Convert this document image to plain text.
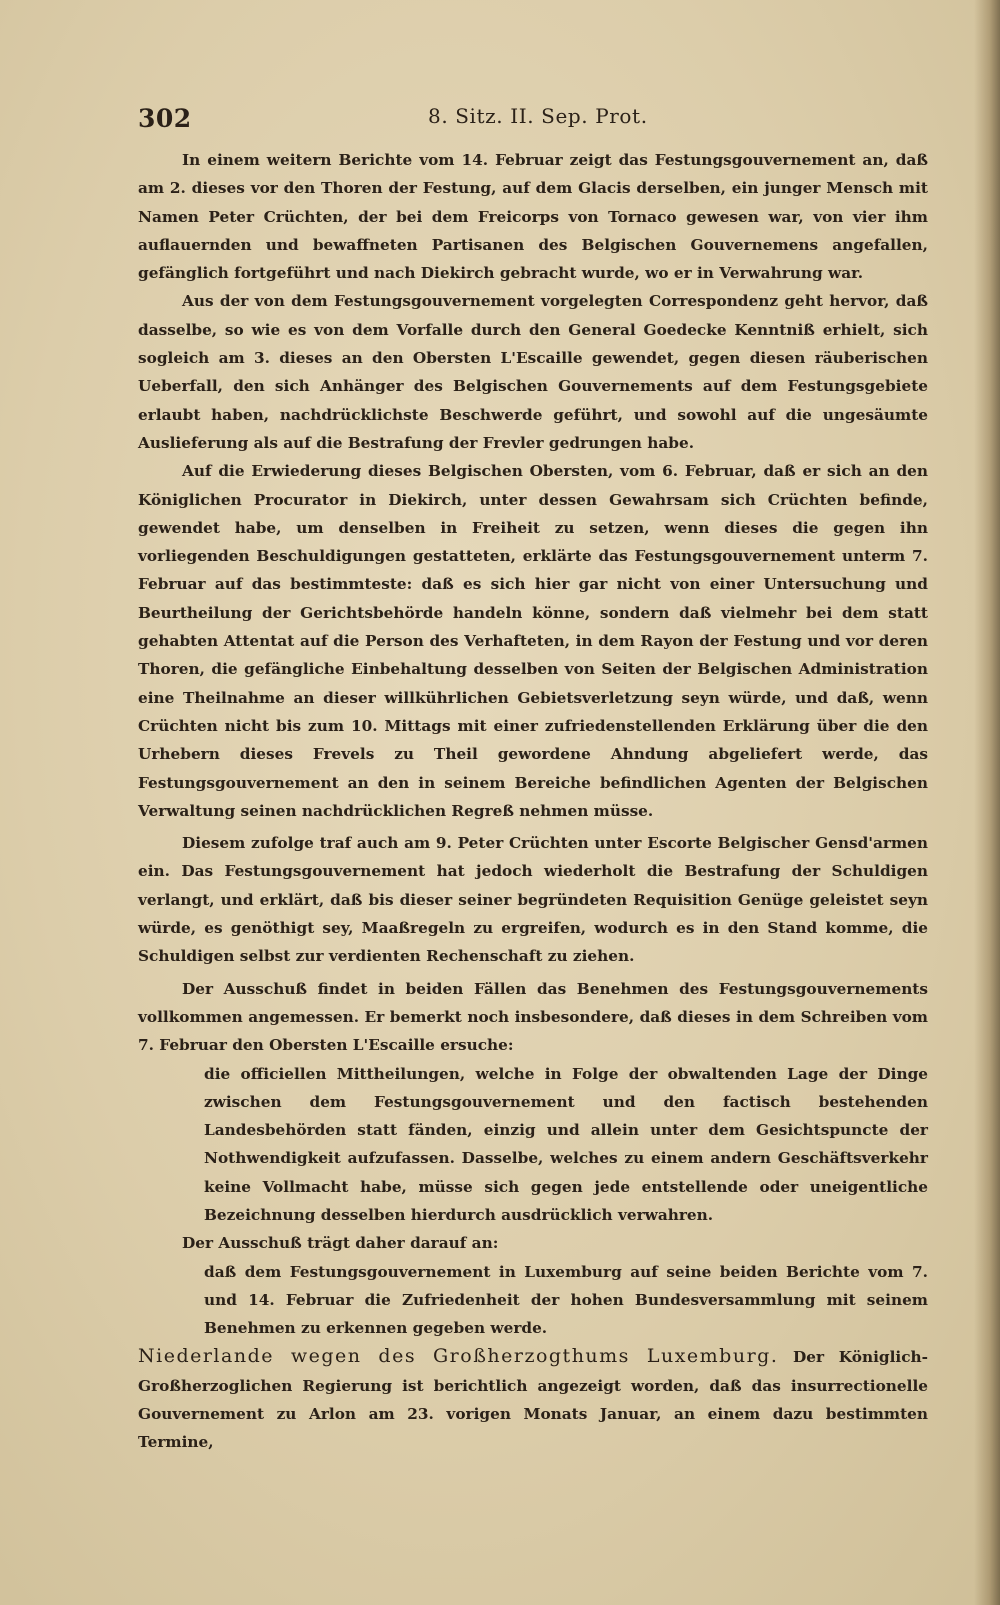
302	8. Sitz. II. Sep. Prot.

In einem weitern Berichte vom 14. Februar zeigt das Festungsgouvernement an, daß am 2. dieses vor den Thoren der Festung, auf dem Glacis derselben, ein junger Mensch mit Namen Peter Crüchten, der bei dem Freicorps von Tornaco gewesen war, von vier ihm auflauernden und bewaffneten Partisanen des Belgischen Gouvernemens angefallen, gefänglich fortgeführt und nach Diekirch gebracht wurde, wo er in Verwahrung war.

Aus der von dem Festungsgouvernement vorgelegten Correspondenz geht hervor, daß dasselbe, so wie es von dem Vorfalle durch den General Goedecke Kenntniß erhielt, sich sogleich am 3. dieses an den Obersten L'Escaille gewendet, gegen diesen räuberischen Ueberfall, den sich Anhänger des Belgischen Gouvernements auf dem Festungsgebiete erlaubt haben, nachdrücklichste Beschwerde geführt, und sowohl auf die ungesäumte Auslieferung als auf die Bestrafung der Frevler gedrungen habe.

Auf die Erwiederung dieses Belgischen Obersten, vom 6. Februar, daß er sich an den Königlichen Procurator in Diekirch, unter dessen Gewahrsam sich Crüchten befinde, gewendet habe, um denselben in Freiheit zu setzen, wenn dieses die gegen ihn vorliegenden Beschuldigungen gestatteten, erklärte das Festungsgouvernement unterm 7. Februar auf das bestimmteste: daß es sich hier gar nicht von einer Untersuchung und Beurtheilung der Gerichtsbehörde handeln könne, sondern daß vielmehr bei dem statt gehabten Attentat auf die Person des Verhafteten, in dem Rayon der Festung und vor deren Thoren, die gefängliche Einbehaltung desselben von Seiten der Belgischen Administration eine Theilnahme an dieser willkührlichen Gebietsverletzung seyn würde, und daß, wenn Crüchten nicht bis zum 10. Mittags mit einer zufriedenstellenden Erklärung über die den Urhebern dieses Frevels zu Theil gewordene Ahndung abgeliefert werde, das Festungsgouvernement an den in seinem Bereiche befindlichen Agenten der Belgischen Verwaltung seinen nachdrücklichen Regreß nehmen müsse.

Diesem zufolge traf auch am 9. Peter Crüchten unter Escorte Belgischer Gensd'armen ein. Das Festungsgouvernement hat jedoch wiederholt die Bestrafung der Schuldigen verlangt, und erklärt, daß bis dieser seiner begründeten Requisition Genüge geleistet seyn würde, es genöthigt sey, Maaßregeln zu ergreifen, wodurch es in den Stand komme, die Schuldigen selbst zur verdienten Rechenschaft zu ziehen.

Der Ausschuß findet in beiden Fällen das Benehmen des Festungsgouvernements vollkommen angemessen. Er bemerkt noch insbesondere, daß dieses in dem Schreiben vom 7. Februar den Obersten L'Escaille ersuche:

die officiellen Mittheilungen, welche in Folge der obwaltenden Lage der Dinge zwischen dem Festungsgouvernement und den factisch bestehenden Landesbehörden statt fänden, einzig und allein unter dem Gesichtspuncte der Nothwendigkeit aufzufassen. Dasselbe, welches zu einem andern Geschäftsverkehr keine Vollmacht habe, müsse sich gegen jede entstellende oder uneigentliche Bezeichnung desselben hierdurch ausdrücklich verwahren.

Der Ausschuß trägt daher darauf an:

daß dem Festungsgouvernement in Luxemburg auf seine beiden Berichte vom 7. und 14. Februar die Zufriedenheit der hohen Bundesversammlung mit seinem Benehmen zu erkennen gegeben werde.

Niederlande wegen des Großherzogthums Luxemburg. Der Königlich-Großherzoglichen Regierung ist berichtlich angezeigt worden, daß das insurrectionelle Gouvernement zu Arlon am 23. vorigen Monats Januar, an einem dazu bestimmten Termine,
